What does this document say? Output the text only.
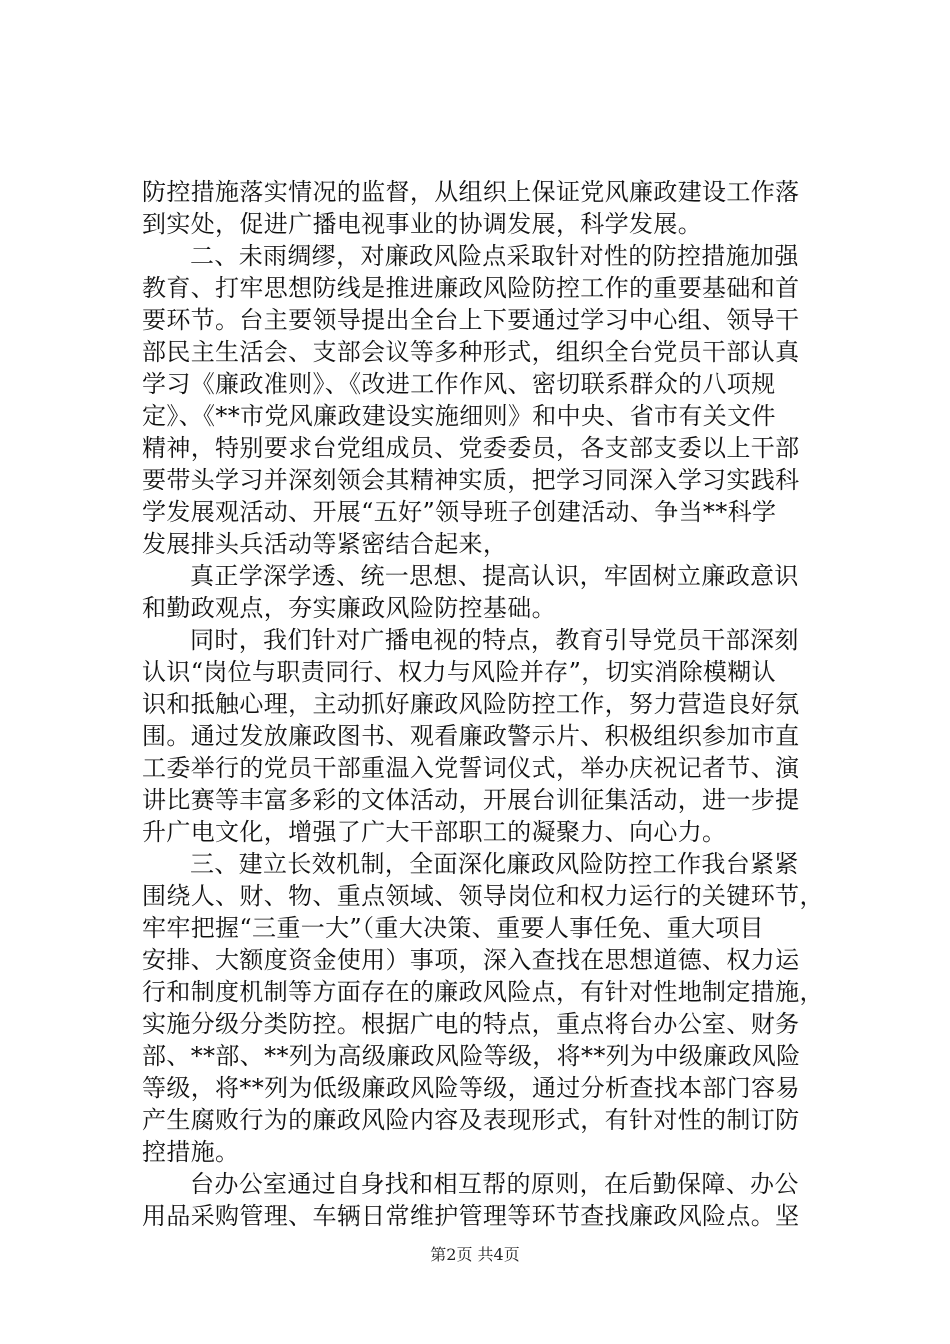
防控措施落实情况的监督，从组织上保证党风廉政建设工作落
到实处，促进广播电视事业的协调发展，科学发展。
二、未雨绸缪，对廉政风险点采取针对性的防控措施加强
教育、打牢思想防线是推进廉政风险防控工作的重要基础和首
要环节。台主要领导提出全台上下要通过学习中心组、领导干
部民主生活会、支部会议等多种形式，组织全台党员干部认真
学习《廉政准则》、《改进工作作风、密切联系群众的八项规
定》、《**市党风廉政建设实施细则》和中央、省市有关文件
精神，特别要求台党组成员、党委委员，各支部支委以上干部
要带头学习并深刻领会其精神实质，把学习同深入学习实践科
学发展观活动、开展“五好”领导班子创建活动、争当**科学
发展排头兵活动等紧密结合起来，
真正学深学透、统一思想、提高认识，牢固树立廉政意识
和勤政观点，夯实廉政风险防控基础。
同时，我们针对广播电视的特点，教育引导党员干部深刻
认识“岗位与职责同行、权力与风险并存”，切实消除模糊认
识和抵触心理，主动抓好廉政风险防控工作，努力营造良好氛
围。通过发放廉政图书、观看廉政警示片、积极组织参加市直
工委举行的党员干部重温入党誓词仪式，举办庆祝记者节、演
讲比赛等丰富多彩的文体活动，开展台训征集活动，进一步提
升广电文化，增强了广大干部职工的凝聚力、向心力。
三、建立长效机制，全面深化廉政风险防控工作我台紧紧
围绕人、财、物、重点领域、领导岗位和权力运行的关键环节，
牢牢把握“三重一大”（重大决策、重要人事任免、重大项目
安排、大额度资金使用）事项，深入查找在思想道德、权力运
行和制度机制等方面存在的廉政风险点，有针对性地制定措施，
实施分级分类防控。根据广电的特点，重点将台办公室、财务
部、**部、**列为高级廉政风险等级，将**列为中级廉政风险
等级，将**列为低级廉政风险等级，通过分析查找本部门容易
产生腐败行为的廉政风险内容及表现形式，有针对性的制订防
控措施。
台办公室通过自身找和相互帮的原则，在后勤保障、办公
用品采购管理、车辆日常维护管理等环节查找廉政风险点。坚
第2页 共4页
